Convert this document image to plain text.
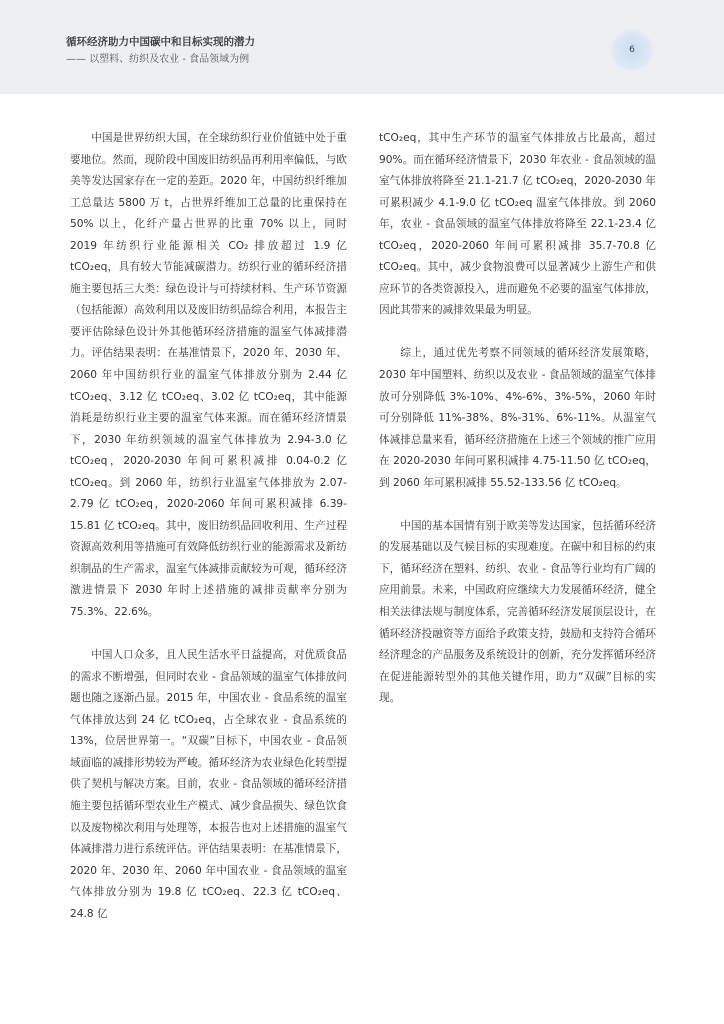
循环经济助力中国碳中和目标实现的潜力
—— 以塑料、纺织及农业 - 食品领域为例
6

中国是世界纺织大国，在全球纺织行业价值链中处于重要地位。然而，现阶段中国废旧纺织品再利用率偏低，与欧美等发达国家存在一定的差距。2020 年，中国纺织纤维加工总量达 5800 万 t，占世界纤维加工总量的比重保持在 50% 以上，化纤产量占世界的比重 70% 以上，同时 2019 年纺织行业能源相关 CO₂ 排放超过 1.9 亿 tCO₂eq，具有较大节能减碳潜力。纺织行业的循环经济措施主要包括三大类：绿色设计与可持续材料、生产环节资源（包括能源）高效利用以及废旧纺织品综合利用，本报告主要评估除绿色设计外其他循环经济措施的温室气体减排潜力。评估结果表明：在基准情景下，2020 年、2030 年、2060 年中国纺织行业的温室气体排放分别为 2.44 亿 tCO₂eq、3.12 亿 tCO₂eq、3.02 亿 tCO₂eq，其中能源消耗是纺织行业主要的温室气体来源。而在循环经济情景下，2030 年纺织领域的温室气体排放为 2.94-3.0 亿 tCO₂eq，2020-2030 年间可累积减排 0.04-0.2 亿 tCO₂eq。到 2060 年，纺织行业温室气体排放为 2.07-2.79 亿 tCO₂eq，2020-2060 年间可累积减排 6.39-15.81 亿 tCO₂eq。其中，废旧纺织品回收利用、生产过程资源高效利用等措施可有效降低纺织行业的能源需求及新纺织制品的生产需求，温室气体减排贡献较为可观，循环经济激进情景下 2030 年时上述措施的减排贡献率分别为 75.3%、22.6%。

中国人口众多，且人民生活水平日益提高，对优质食品的需求不断增强，但同时农业 - 食品领域的温室气体排放问题也随之逐渐凸显。2015 年，中国农业 - 食品系统的温室气体排放达到 24 亿 tCO₂eq，占全球农业 - 食品系统的 13%，位居世界第一。“双碳”目标下，中国农业 - 食品领域面临的减排形势较为严峻。循环经济为农业绿色化转型提供了契机与解决方案。目前，农业 - 食品领域的循环经济措施主要包括循环型农业生产模式、减少食品损失、绿色饮食以及废物梯次利用与处理等，本报告也对上述措施的温室气体减排潜力进行系统评估。评估结果表明：在基准情景下，2020 年、2030 年、2060 年中国农业 - 食品领域的温室气体排放分别为 19.8 亿 tCO₂eq、22.3 亿 tCO₂eq、24.8 亿

tCO₂eq，其中生产环节的温室气体排放占比最高，超过 90%。而在循环经济情景下，2030 年农业 - 食品领域的温室气体排放将降至 21.1-21.7 亿 tCO₂eq，2020-2030 年可累积减少 4.1-9.0 亿 tCO₂eq 温室气体排放。到 2060 年，农业 - 食品领域的温室气体排放将降至 22.1-23.4 亿 tCO₂eq，2020-2060 年间可累积减排 35.7-70.8 亿 tCO₂eq。其中，减少食物浪费可以显著减少上游生产和供应环节的各类资源投入，进而避免不必要的温室气体排放，因此其带来的减排效果最为明显。

综上，通过优先考察不同领域的循环经济发展策略，2030 年中国塑料、纺织以及农业 - 食品领域的温室气体排放可分别降低 3%-10%、4%-6%、3%-5%，2060 年时可分别降低 11%-38%、8%-31%、6%-11%。从温室气体减排总量来看，循环经济措施在上述三个领域的推广应用在 2020-2030 年间可累积减排 4.75-11.50 亿 tCO₂eq，到 2060 年可累积减排 55.52-133.56 亿 tCO₂eq。

中国的基本国情有别于欧美等发达国家，包括循环经济的发展基础以及气候目标的实现难度。在碳中和目标的约束下，循环经济在塑料、纺织、农业 - 食品等行业均有广阔的应用前景。未来，中国政府应继续大力发展循环经济，健全相关法律法规与制度体系，完善循环经济发展顶层设计，在循环经济投融资等方面给予政策支持，鼓励和支持符合循环经济理念的产品服务及系统设计的创新，充分发挥循环经济在促进能源转型外的其他关键作用，助力“双碳”目标的实现。
